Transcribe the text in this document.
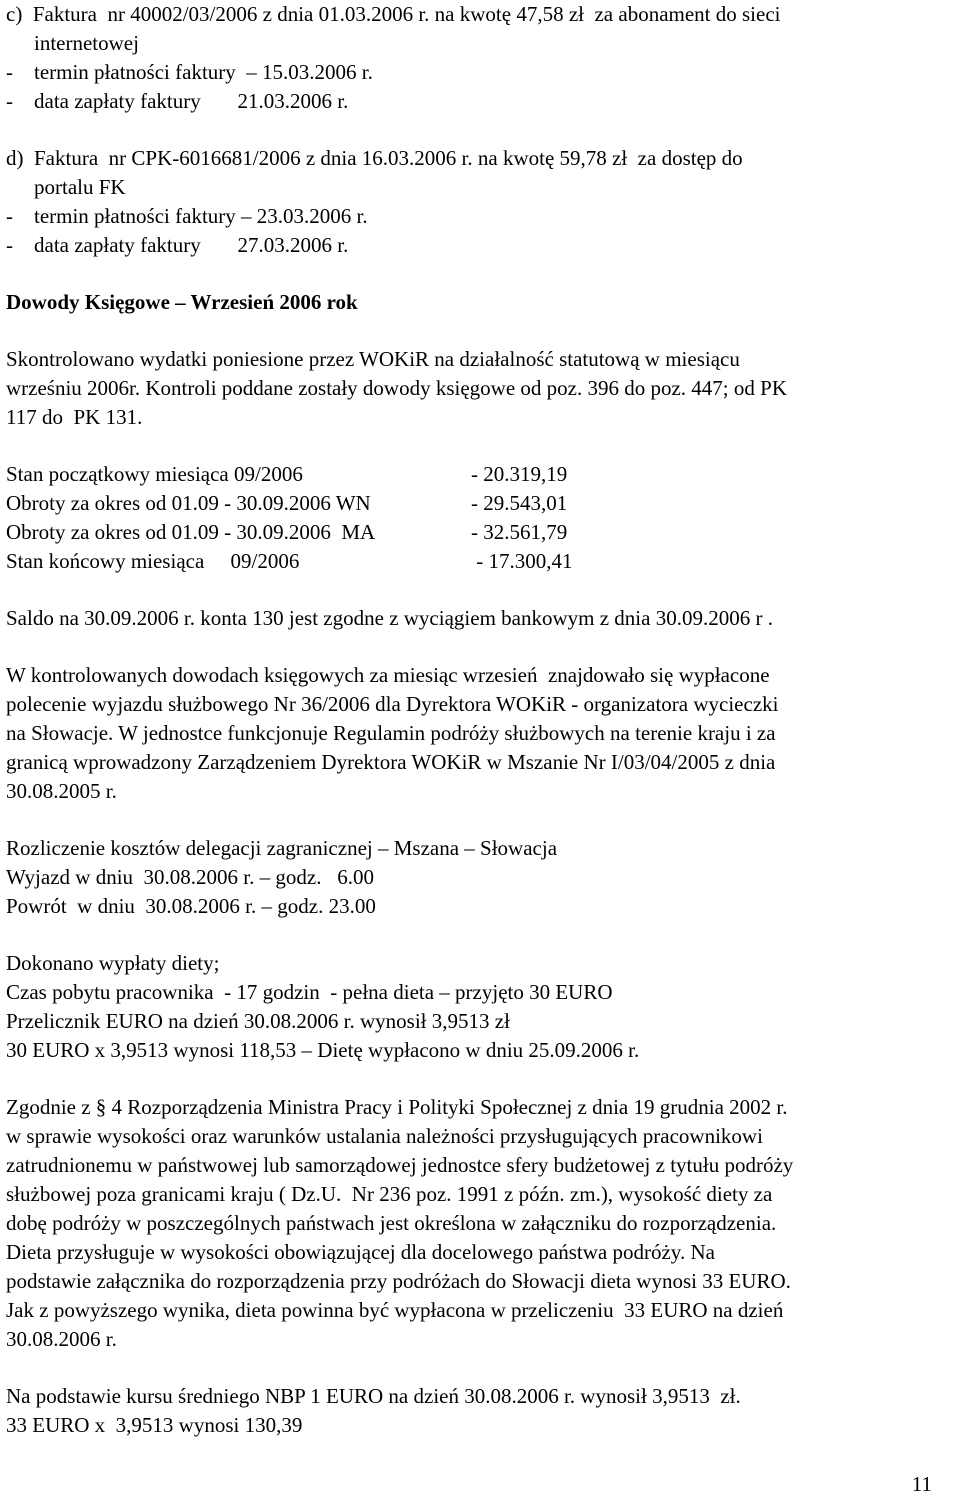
c)  Faktura  nr 40002/03/2006 z dnia 01.03.2006 r. na kwotę 47,58 zł  za abonament do sieci
internetowej
-    termin płatności faktury  – 15.03.2006 r.
-    data zapłaty faktury       21.03.2006 r.
d)  Faktura  nr CPK-6016681/2006 z dnia 16.03.2006 r. na kwotę 59,78 zł  za dostęp do
portalu FK
-    termin płatności faktury – 23.03.2006 r.
-    data zapłaty faktury       27.03.2006 r.
Dowody Księgowe – Wrzesień 2006 rok
Skontrolowano wydatki poniesione przez WOKiR na działalność statutową w miesiącu
wrześniu 2006r. Kontroli poddane zostały dowody księgowe od poz. 396 do poz. 447; od PK
117 do  PK 131.
Stan początkowy miesiąca 09/2006	- 20.319,19
Obroty za okres od 01.09 - 30.09.2006 WN	- 29.543,01
Obroty za okres od 01.09 - 30.09.2006  MA	- 32.561,79
Stan końcowy miesiąca     09/2006	- 17.300,41
Saldo na 30.09.2006 r. konta 130 jest zgodne z wyciągiem bankowym z dnia 30.09.2006 r .
W kontrolowanych dowodach księgowych za miesiąc wrzesień  znajdowało się wypłacone
polecenie wyjazdu służbowego Nr 36/2006 dla Dyrektora WOKiR - organizatora wycieczki
na Słowacje. W jednostce funkcjonuje Regulamin podróży służbowych na terenie kraju i za
granicą wprowadzony Zarządzeniem Dyrektora WOKiR w Mszanie Nr I/03/04/2005 z dnia
30.08.2005 r.
Rozliczenie kosztów delegacji zagranicznej – Mszana – Słowacja
Wyjazd w dniu  30.08.2006 r. – godz.   6.00
Powrót  w dniu  30.08.2006 r. – godz. 23.00
Dokonano wypłaty diety;
Czas pobytu pracownika  - 17 godzin  - pełna dieta – przyjęto 30 EURO
Przelicznik EURO na dzień 30.08.2006 r. wynosił 3,9513 zł
30 EURO x 3,9513 wynosi 118,53 – Dietę wypłacono w dniu 25.09.2006 r.
Zgodnie z § 4 Rozporządzenia Ministra Pracy i Polityki Społecznej z dnia 19 grudnia 2002 r.
w sprawie wysokości oraz warunków ustalania należności przysługujących pracownikowi
zatrudnionemu w państwowej lub samorządowej jednostce sfery budżetowej z tytułu podróży
służbowej poza granicami kraju ( Dz.U.  Nr 236 poz. 1991 z późn. zm.), wysokość diety za
dobę podróży w poszczególnych państwach jest określona w załączniku do rozporządzenia.
Dieta przysługuje w wysokości obowiązującej dla docelowego państwa podróży. Na
podstawie załącznika do rozporządzenia przy podróżach do Słowacji dieta wynosi 33 EURO.
Jak z powyższego wynika, dieta powinna być wypłacona w przeliczeniu  33 EURO na dzień
30.08.2006 r.
Na podstawie kursu średniego NBP 1 EURO na dzień 30.08.2006 r. wynosił 3,9513  zł.
33 EURO x  3,9513 wynosi 130,39
11
